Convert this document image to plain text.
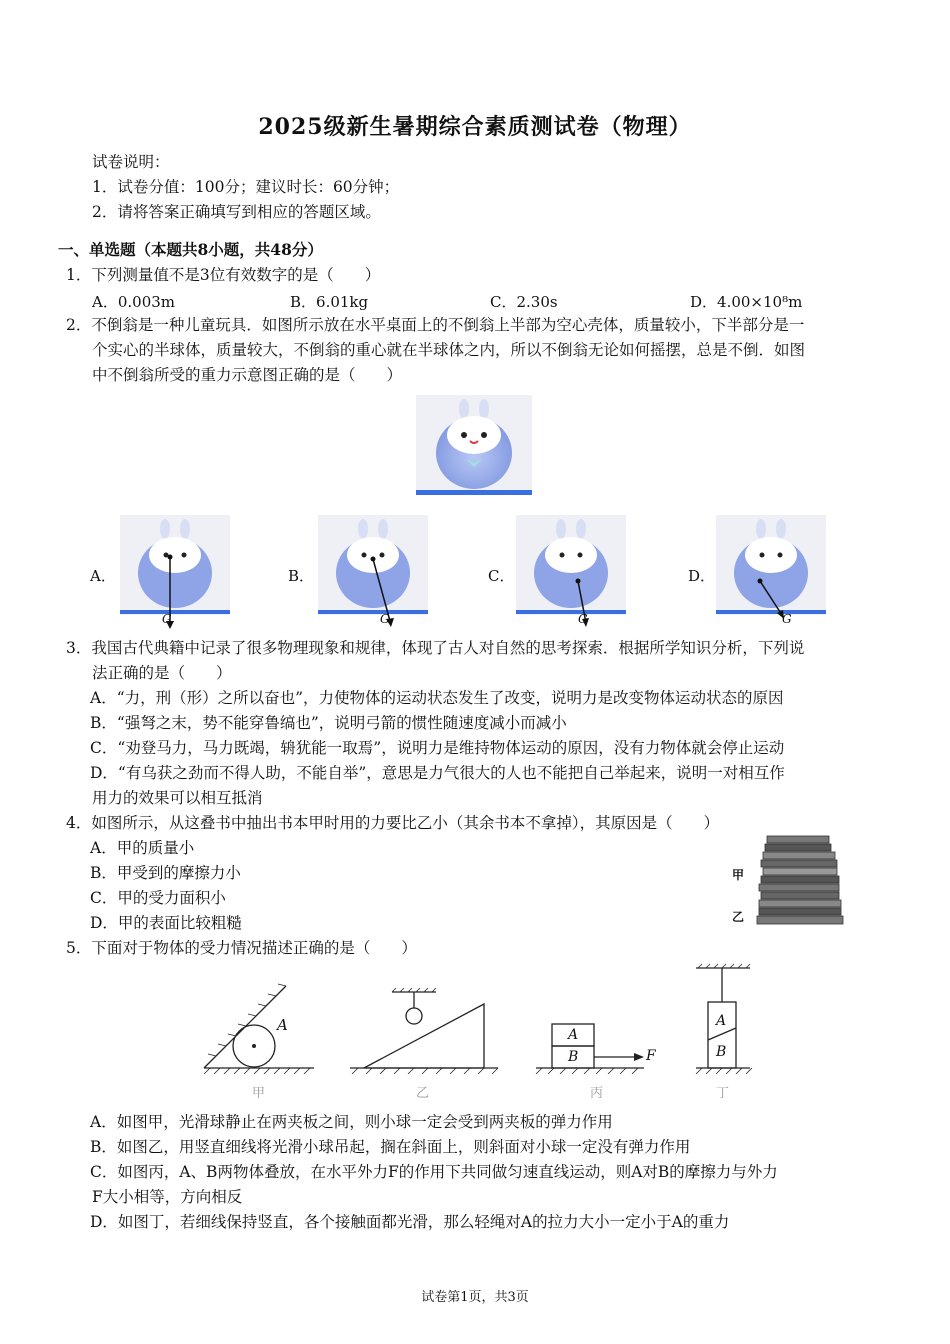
2025级新生暑期综合素质测试卷（物理）
试卷说明：
1．试卷分值：100分；建议时长：60分钟；
2．请将答案正确填写到相应的答题区域。
一、单选题（本题共8小题，共48分）
1．下列测量值不是3位有效数字的是（　　）
A．0.003m	B．6.01kg	C．2.30s	D．4.00×10⁸m
2．不倒翁是一种儿童玩具．如图所示放在水平桌面上的不倒翁上半部为空心壳体，质量较小，下半部分是一
个实心的半球体，质量较大，不倒翁的重心就在半球体之内，所以不倒翁无论如何摇摆，总是不倒．如图
中不倒翁所受的重力示意图正确的是（　　）
A．
G
B．
G
C．
G
D．
G
3．我国古代典籍中记录了很多物理现象和规律，体现了古人对自然的思考探索．根据所学知识分析，下列说
法正确的是（　　）
A．“力，刑（形）之所以奋也”，力使物体的运动状态发生了改变，说明力是改变物体运动状态的原因
B．“强弩之末，势不能穿鲁缟也”，说明弓箭的惯性随速度减小而减小
C．“劝登马力，马力既竭，辀犹能一取焉”，说明力是维持物体运动的原因，没有力物体就会停止运动
D．“有乌获之劲而不得人助，不能自举”，意思是力气很大的人也不能把自己举起来，说明一对相互作
用力的效果可以相互抵消
4．如图所示，从这叠书中抽出书本甲时用的力要比乙小（其余书本不拿掉），其原因是（　　）
A．甲的质量小
B．甲受到的摩擦力小
C．甲的受力面积小
D．甲的表面比较粗糙
甲
乙
5．下面对于物体的受力情况描述正确的是（　　）
A
甲	乙
A
B	F
丙
A
B
丁
A．如图甲，光滑球静止在两夹板之间，则小球一定会受到两夹板的弹力作用
B．如图乙，用竖直细线将光滑小球吊起，搁在斜面上，则斜面对小球一定没有弹力作用
C．如图丙，A、B两物体叠放，在水平外力F的作用下共同做匀速直线运动，则A对B的摩擦力与外力
F大小相等，方向相反
D．如图丁，若细线保持竖直，各个接触面都光滑，那么轻绳对A的拉力大小一定小于A的重力
试卷第1页，共3页
